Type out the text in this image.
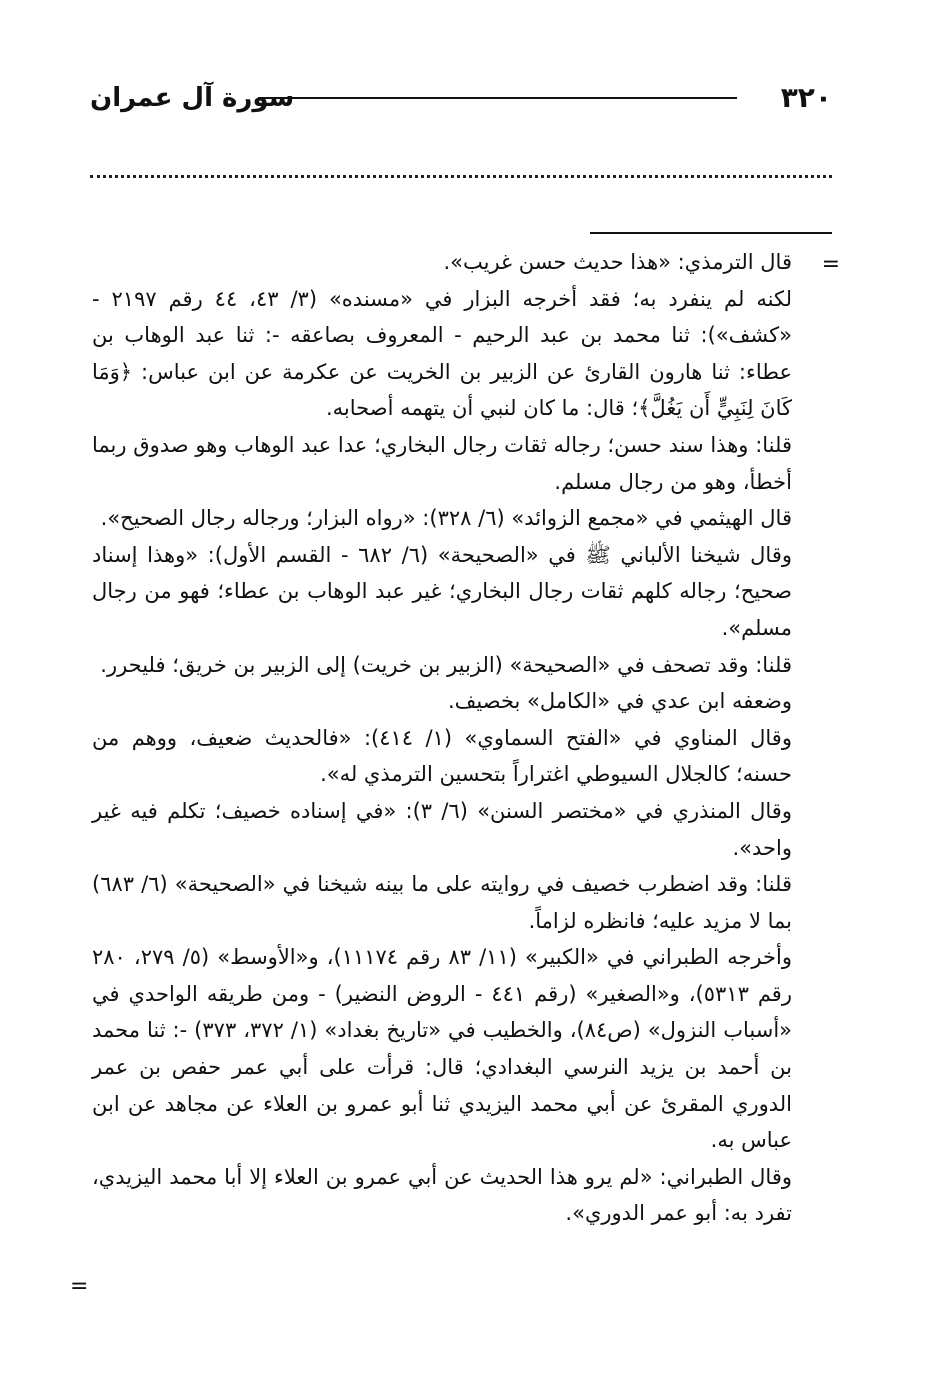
٣٢٠
سورة آل عمران
=
=

قال الترمذي: «هذا حديث حسن غريب».

لكنه لم ينفرد به؛ فقد أخرجه البزار في «مسنده» (٣/ ٤٣، ٤٤ رقم ٢١٩٧ - «كشف»): ثنا محمد بن عبد الرحيم - المعروف بصاعقه -: ثنا عبد الوهاب بن عطاء: ثنا هارون القارئ عن الزبير بن الخريت عن عكرمة عن ابن عباس: ﴿وَمَا كَانَ لِنَبِيٍّ أَن يَغُلَّ﴾؛ قال: ما كان لنبي أن يتهمه أصحابه.

قلنا: وهذا سند حسن؛ رجاله ثقات رجال البخاري؛ عدا عبد الوهاب وهو صدوق ربما أخطأ، وهو من رجال مسلم.

قال الهيثمي في «مجمع الزوائد» (٦/ ٣٢٨): «رواه البزار؛ ورجاله رجال الصحيح».

وقال شيخنا الألباني ﷺ في «الصحيحة» (٦/ ٦٨٢ - القسم الأول): «وهذا إسناد صحيح؛ رجاله كلهم ثقات رجال البخاري؛ غير عبد الوهاب بن عطاء؛ فهو من رجال مسلم».

قلنا: وقد تصحف في «الصحيحة» (الزبير بن خريت) إلى الزبير بن خريق؛ فليحرر.

وضعفه ابن عدي في «الكامل» بخصيف.

وقال المناوي في «الفتح السماوي» (١/ ٤١٤): «فالحديث ضعيف، ووهم من حسنه؛ كالجلال السيوطي اغتراراً بتحسين الترمذي له».

وقال المنذري في «مختصر السنن» (٦/ ٣): «في إسناده خصيف؛ تكلم فيه غير واحد».

قلنا: وقد اضطرب خصيف في روايته على ما بينه شيخنا في «الصحيحة» (٦/ ٦٨٣) بما لا مزيد عليه؛ فانظره لزاماً.

وأخرجه الطبراني في «الكبير» (١١/ ٨٣ رقم ١١١٧٤)، و«الأوسط» (٥/ ٢٧٩، ٢٨٠ رقم ٥٣١٣)، و«الصغير» (رقم ٤٤١ - الروض النضير) - ومن طريقه الواحدي في «أسباب النزول» (ص٨٤)، والخطيب في «تاريخ بغداد» (١/ ٣٧٢، ٣٧٣) -: ثنا محمد بن أحمد بن يزيد النرسي البغدادي؛ قال: قرأت على أبي عمر حفص بن عمر الدوري المقرئ عن أبي محمد اليزيدي ثنا أبو عمرو بن العلاء عن مجاهد عن ابن عباس به.

وقال الطبراني: «لم يرو هذا الحديث عن أبي عمرو بن العلاء إلا أبا محمد اليزيدي، تفرد به: أبو عمر الدوري».
